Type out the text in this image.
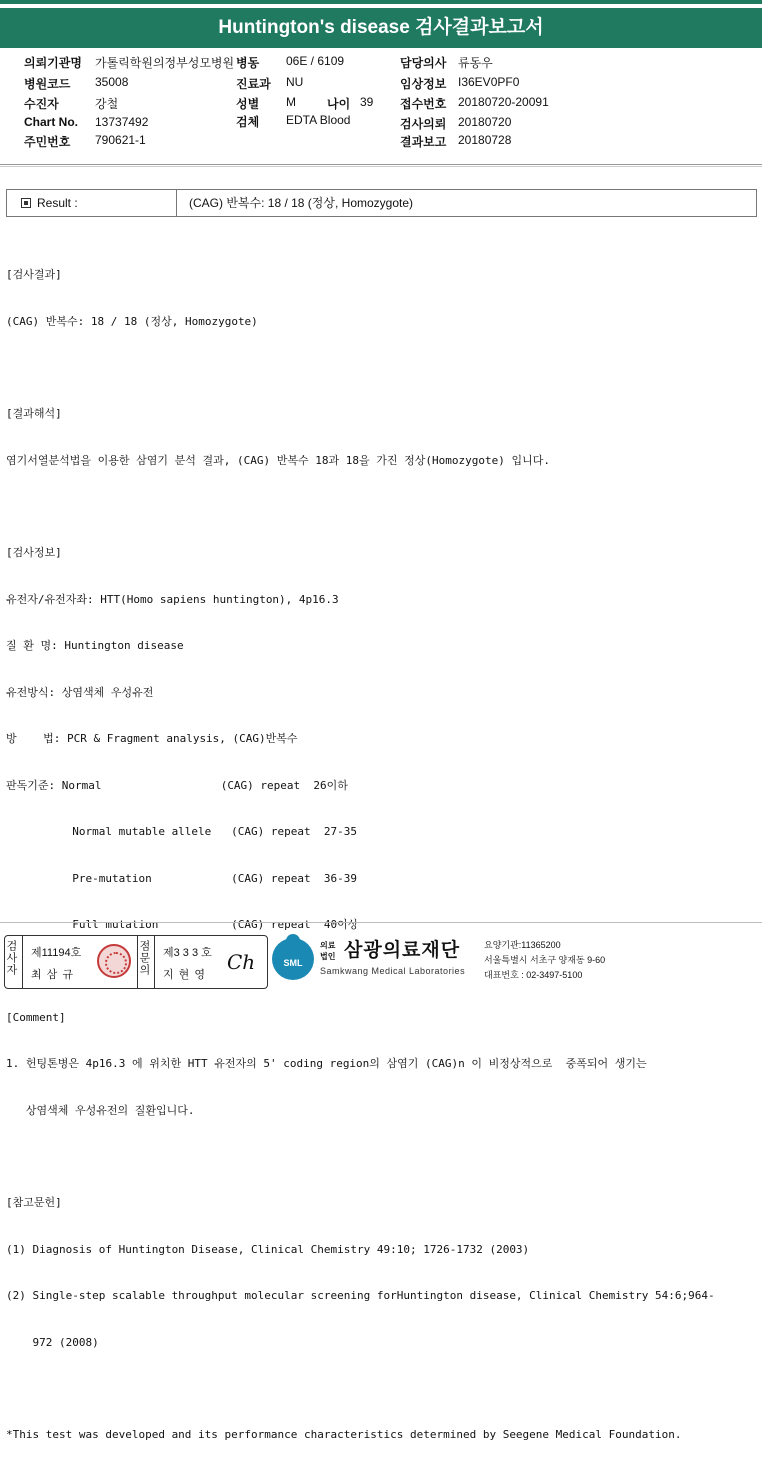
Huntington's disease 검사결과보고서
의뢰기관명 가톨릭학원의정부성모병원 병동 06E / 6109	담당의사 류동우
병원코드 35008	진료과 NU	임상정보 I36EV0PF0
수진자	강철	성별 M	나이 39 접수번호 20180720-20091
Chart No. 13737492	검체 EDTA Blood	검사의뢰 20180720
주민번호 790621-1	결과보고 20180728
Result :	(CAG) 반복수: 18 / 18 (정상, Homozygote)

[검사결과]

(CAG) 반복수: 18 / 18 (정상, Homozygote)

[결과해석]

염기서열분석법을 이용한 삼염기 분석 결과, (CAG) 반복수 18과 18을 가진 정상(Homozygote) 입니다.

[검사정보]

유전자/유전자좌: HTT(Homo sapiens huntington), 4p16.3

질 환 명: Huntington disease

유전방식: 상염색체 우성유전

방    법: PCR & Fragment analysis, (CAG)반복수

판독기준: Normal                  (CAG) repeat  26이하

Normal mutable allele   (CAG) repeat  27-35

Pre-mutation            (CAG) repeat  36-39

Full mutation           (CAG) repeat  40이상

[Comment]

1. 헌팅톤병은 4p16.3 에 위치한 HTT 유전자의 5' coding region의 삼염기 (CAG)n 이 비정상적으로  중폭되어 생기는

상염색체 우성유전의 질환입니다.

[참고문헌]

(1) Diagnosis of Huntington Disease, Clinical Chemistry 49:10; 1726-1732 (2003)

(2) Single-step scalable throughput molecular screening forHuntington disease, Clinical Chemistry 54:6;964-

972 (2008)

*This test was developed and its performance characteristics determined by Seegene Medical Foundation.

검사자 제11194호
최 삼 규	점문의 제3 3 3 호
지 현 영
Ch	SML
의료
법인 삼광의료재단
Samkwang Medical Laboratories
요양기관:11365200
서울특별시 서초구 양재동 9-60
대표번호 : 02-3497-5100
